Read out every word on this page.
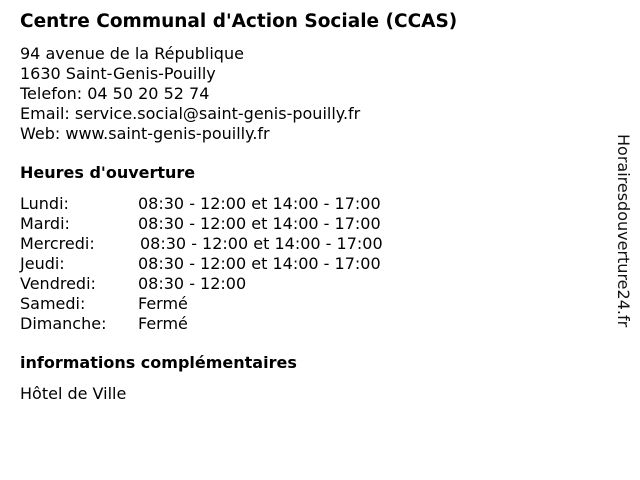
Centre Communal d'Action Sociale (CCAS)
94 avenue de la République
1630 Saint-Genis-Pouilly
Telefon: 04 50 20 52 74
Email: service.social@saint-genis-pouilly.fr
Web: www.saint-genis-pouilly.fr
Heures d'ouverture
Lundi:	08:30 - 12:00 et 14:00 - 17:00
Mardi:	08:30 - 12:00 et 14:00 - 17:00
Mercredi:	08:30 - 12:00 et 14:00 - 17:00
Jeudi:	08:30 - 12:00 et 14:00 - 17:00
Vendredi:	08:30 - 12:00
Samedi:	Fermé
Dimanche: Fermé
informations complémentaires
Hôtel de Ville
Horairesdouverture24.fr
